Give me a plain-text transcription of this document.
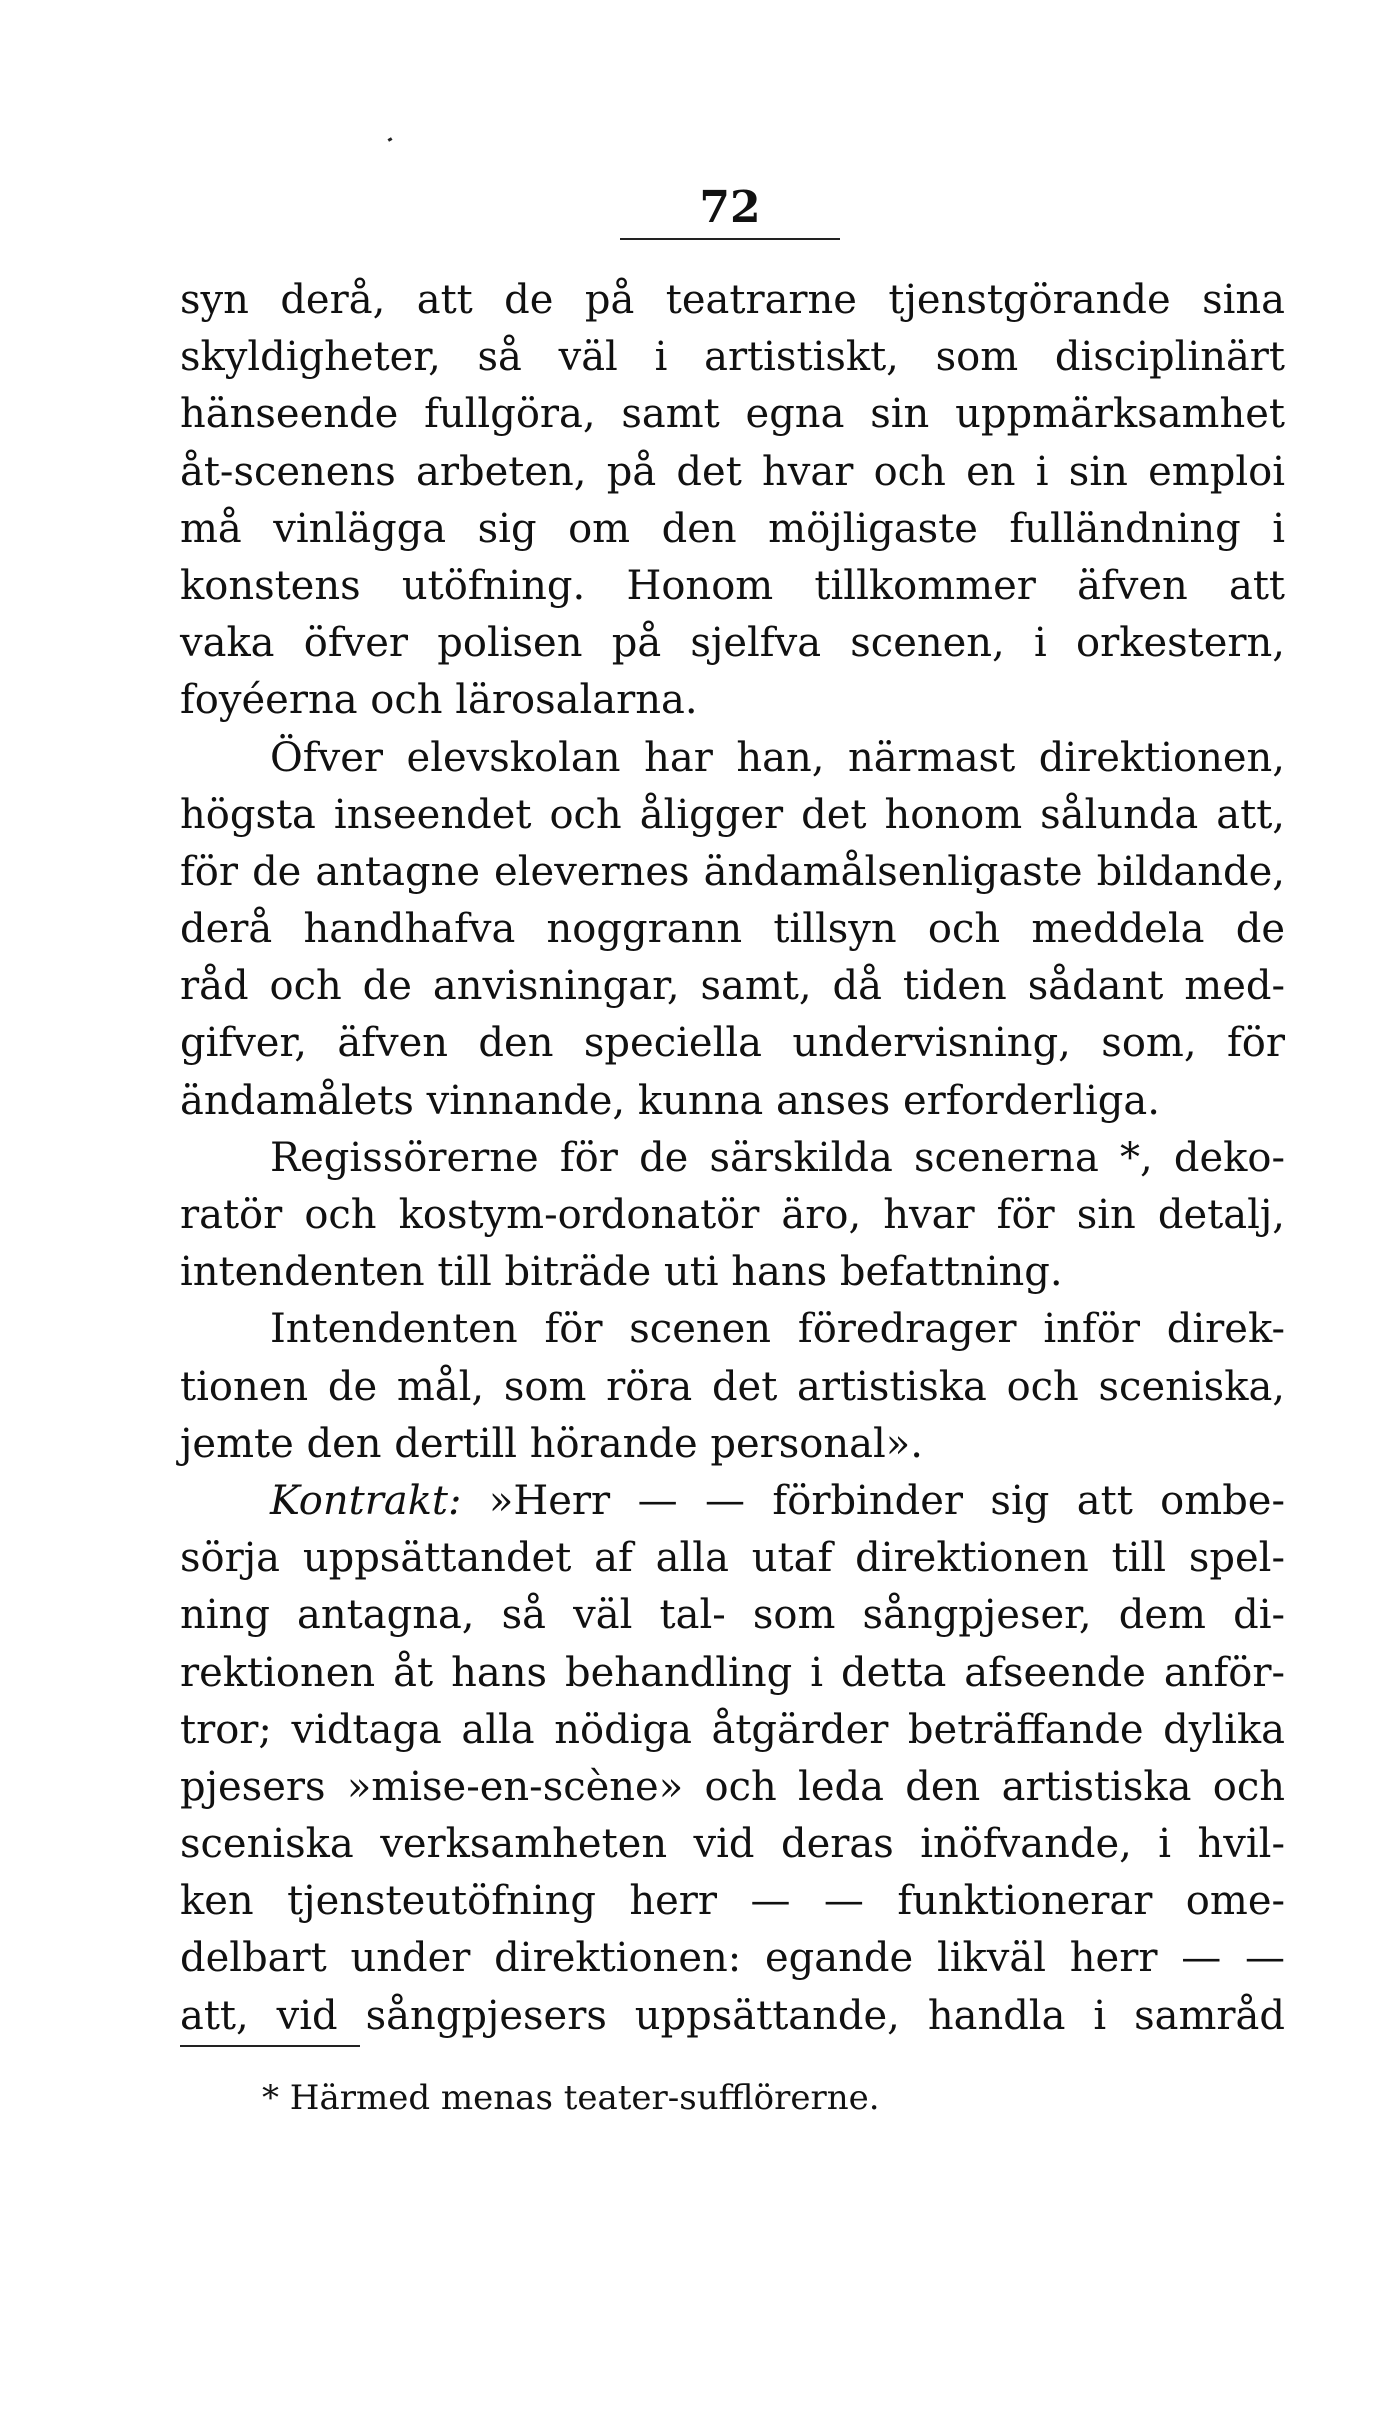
72
syn derå, att de på teatrarne tjenstgörande sina
skyldigheter, så väl i artistiskt, som disciplinärt
hänseende fullgöra, samt egna sin uppmärksamhet
åt-scenens arbeten, på det hvar och en i sin emploi
må vinlägga sig om den möjligaste fulländning i
konstens utöfning. Honom tillkommer äfven att
vaka öfver polisen på sjelfva scenen, i orkestern,
foyéerna och lärosalarna.
Öfver elevskolan har han, närmast direktionen,
högsta inseendet och åligger det honom sålunda att,
för de antagne elevernes ändamålsenligaste bildande,
derå handhafva noggrann tillsyn och meddela de
råd och de anvisningar, samt, då tiden sådant med-
gifver, äfven den speciella undervisning, som, för
ändamålets vinnande, kunna anses erforderliga.
Regissörerne för de särskilda scenerna *, deko-
ratör och kostym-ordonatör äro, hvar för sin detalj,
intendenten till biträde uti hans befattning.
Intendenten för scenen föredrager inför direk-
tionen de mål, som röra det artistiska och sceniska,
jemte den dertill hörande personal».
Kontrakt: »Herr — — förbinder sig att ombe-
sörja uppsättandet af alla utaf direktionen till spel-
ning antagna, så väl tal- som sångpjeser, dem di-
rektionen åt hans behandling i detta afseende anför-
tror; vidtaga alla nödiga åtgärder beträffande dylika
pjesers »mise-en-scène» och leda den artistiska och
sceniska verksamheten vid deras inöfvande, i hvil-
ken tjensteutöfning herr — — funktionerar ome-
delbart under direktionen: egande likväl herr — —
att, vid sångpjesers uppsättande, handla i samråd
* Härmed menas teater-sufflörerne.
